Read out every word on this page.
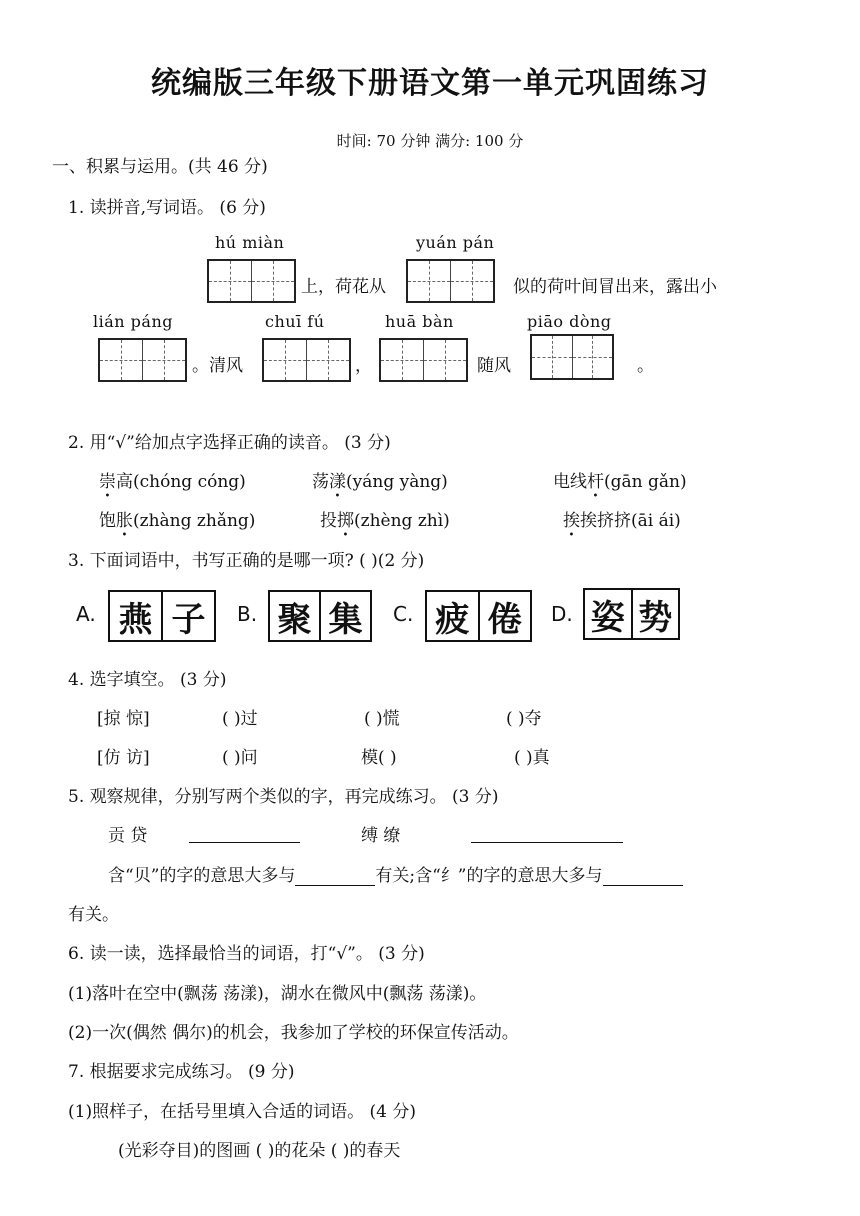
统编版三年级下册语文第一单元巩固练习
时间: 70 分钟 满分: 100 分
一、积累与运用。(共 46 分)
1. 读拼音,写词语。 (6 分)
hú miàn	yuán pán
上，荷花从	似的荷叶间冒出来，露出小
lián páng	chuī fú	huā bàn	piāo dòng
。清风	，	随风	。
2. 用“√”给加点字选择正确的读音。 (3 分)
崇高(chóng cóng)	荡漾(yáng yàng)	电线杆(gān gǎn)
饱胀(zhàng zhǎng)	投掷(zhèng zhì)	挨挨挤挤(āi ái)
3. 下面词语中，书写正确的是哪一项? ( )(2 分)
A. 燕 子	B. 聚 集	C. 疲 倦	D. 姿 势
4. 选字填空。 (3 分)
[掠 惊]	( )过	( )慌	( )夺
[仿 访]	( )问	模( )	( )真
5. 观察规律，分别写两个类似的字，再完成练习。 (3 分)
贡 贷	缚 缭
含“贝”的字的意思大多与	有关;含“纟”的字的意思大多与
有关。
6. 读一读，选择最恰当的词语，打“√”。 (3 分)
(1)落叶在空中(飘荡 荡漾)，湖水在微风中(飘荡 荡漾)。
(2)一次(偶然 偶尔)的机会，我参加了学校的环保宣传活动。
7. 根据要求完成练习。 (9 分)
(1)照样子，在括号里填入合适的词语。 (4 分)
(光彩夺目)的图画 ( )的花朵 ( )的春天
